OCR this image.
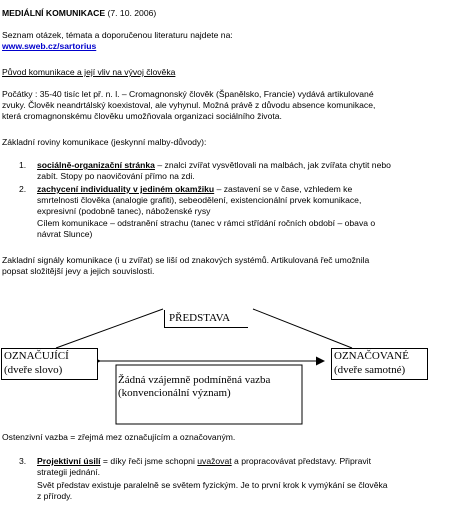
MEDIÁLNÍ KOMUNIKACE (7. 10. 2006)
Seznam otázek, témata a doporučenou literaturu najdete na:
www.sweb.cz/sartorius
Původ komunikace a její vliv na vývoj člověka
Počátky : 35-40 tisíc let př. n. l. – Cromagnonský člověk (Španělsko, Francie) vydává artikulované
zvuky. Člověk neandrtálský koexistoval, ale vyhynul. Možná právě z důvodu absence komunikace,
která cromagnonskému člověku umožňovala organizaci sociálního života.
Základní roviny komunikace (jeskynní malby-důvody):
1. sociálně-organizační stránka – znalci zvířat vysvětlovali na malbách, jak zvířata chytit nebo
zabít. Stopy po naovičování přímo na zdi.
2. zachycení individuality v jediném okamžiku – zastavení se v čase, vzhledem ke
smrtelnosti člověka (analogie grafiti), sebeodělení, existencionální prvek komunikace,
expresivní (podobně tanec), náboženské rysy
Cílem komunikace – odstranění strachu (tanec v rámci střídání ročních období – obava o
návrat Slunce)
Zakladní signály komunikace (i u zvířat) se liší od znakových systémů. Artikulovaná řeč umožnila
popsat složitější jevy a jejich souvislosti.
PŘEDSTAVA
OZNAČUJÍCÍ
(dveře slovo)
OZNAČOVANÉ
(dveře samotné)
Žádná vzájemně podmíněná vazba
(konvencionální význam)
Ostenzivní vazba = zřejmá mez označujícím a označovaným.
3. Projektivní úsilí = díky řeči jsme schopni uvažovat a propracovávat představy. Připravit
strategii jednání.
Svět představ existuje paralelně se světem fyzickým. Je to první krok k vymýkání se člověka
z přírody.
